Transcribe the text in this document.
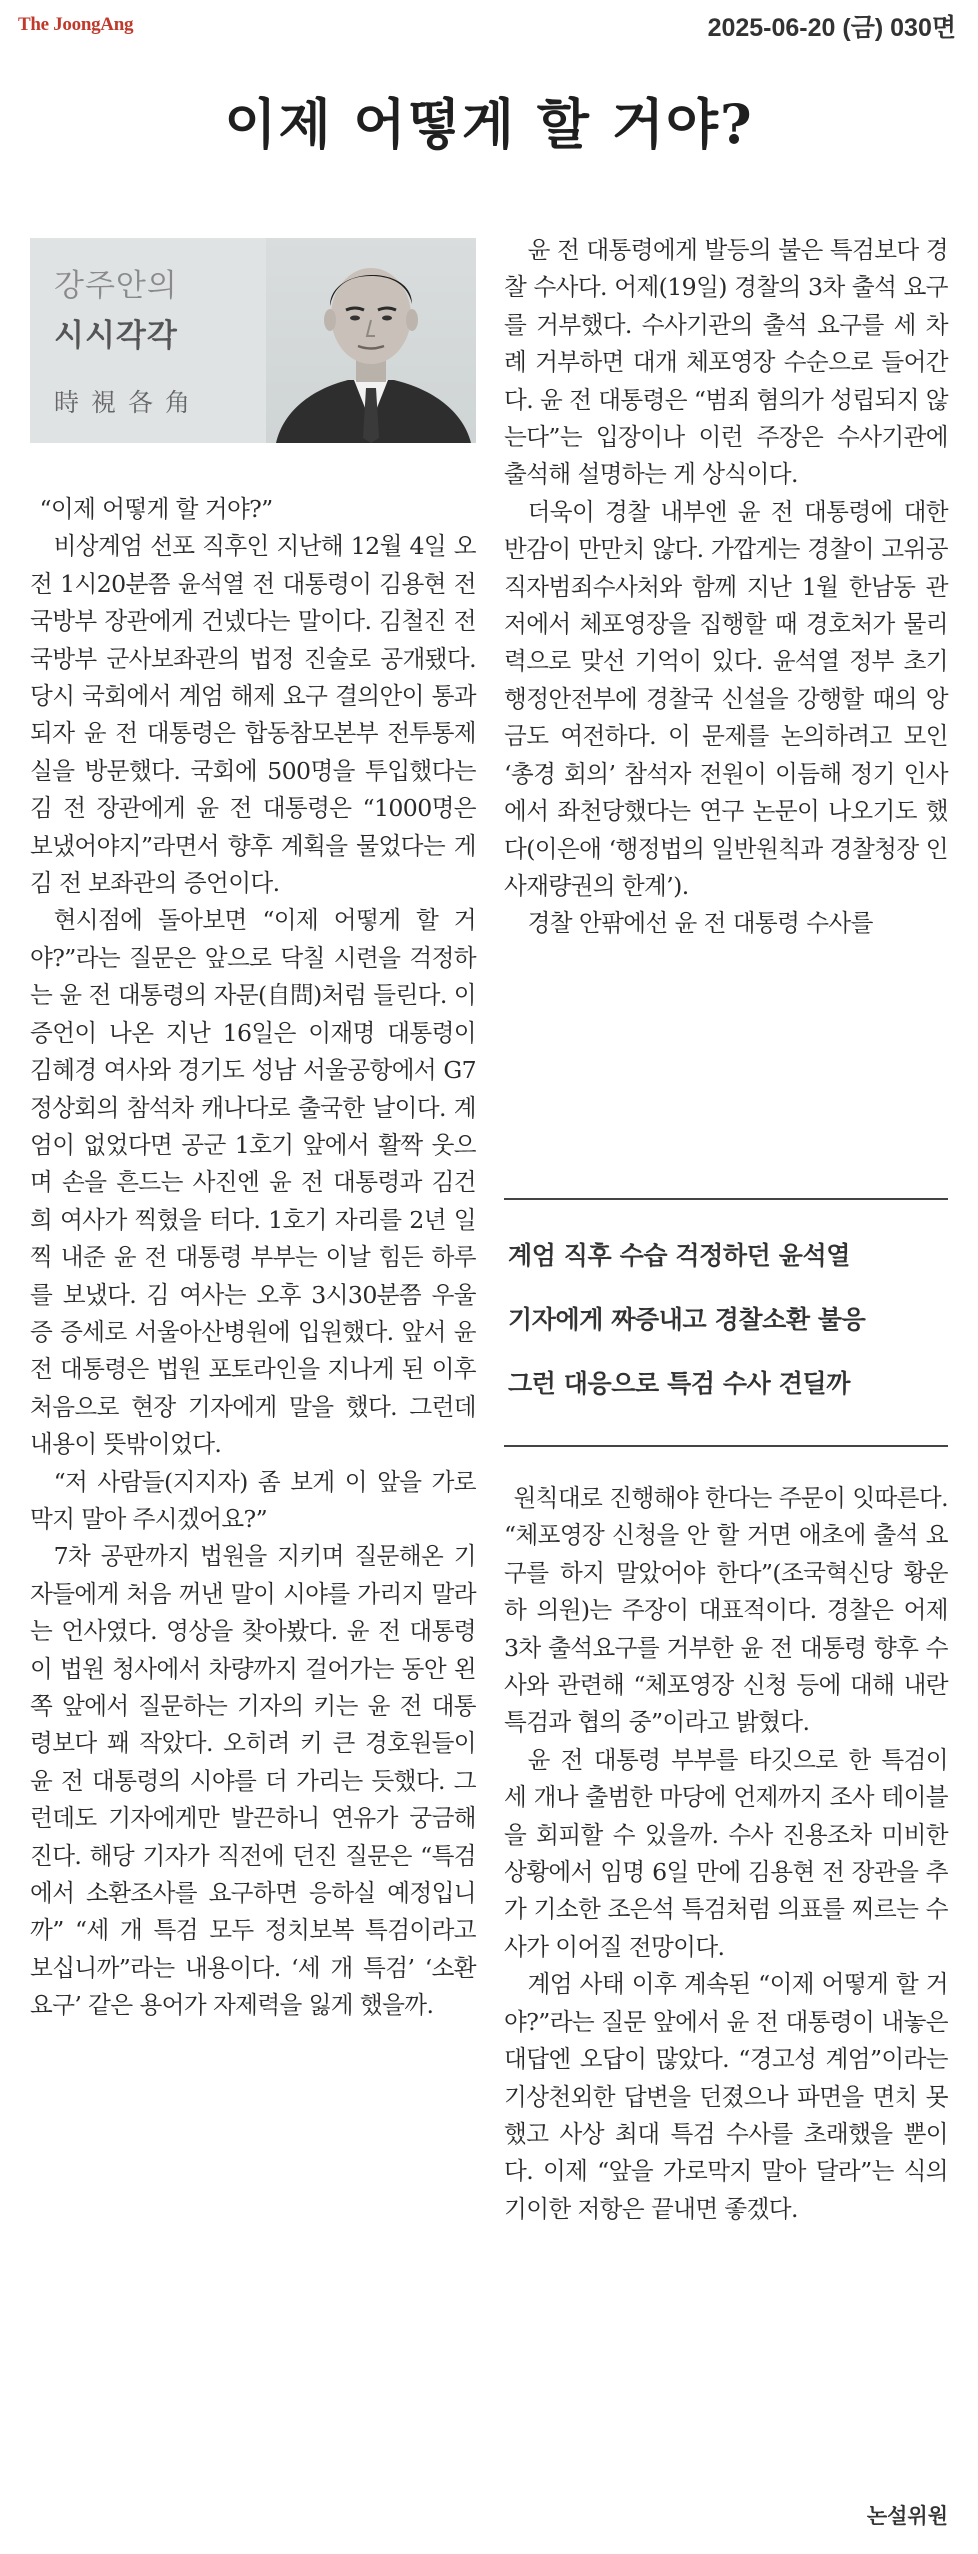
The JoongAng	2025-06-20 (금) 030면
이제 어떻게 할 거야?
강주안의
시시각각
時視各角

“이제 어떻게 할 거야?”

비상계엄 선포 직후인 지난해 12월 4일 오전 1시20분쯤 윤석열 전 대통령이 김용현 전 국방부 장관에게 건넸다는 말이다. 김철진 전 국방부 군사보좌관의 법정 진술로 공개됐다. 당시 국회에서 계엄 해제 요구 결의안이 통과되자 윤 전 대통령은 합동참모본부 전투통제실을 방문했다. 국회에 500명을 투입했다는 김 전 장관에게 윤 전 대통령은 “1000명은 보냈어야지”라면서 향후 계획을 물었다는 게 김 전 보좌관의 증언이다.

현시점에 돌아보면 “이제 어떻게 할 거야?”라는 질문은 앞으로 닥칠 시련을 걱정하는 윤 전 대통령의 자문(自問)처럼 들린다. 이 증언이 나온 지난 16일은 이재명 대통령이 김혜경 여사와 경기도 성남 서울공항에서 G7 정상회의 참석차 캐나다로 출국한 날이다. 계엄이 없었다면 공군 1호기 앞에서 활짝 웃으며 손을 흔드는 사진엔 윤 전 대통령과 김건희 여사가 찍혔을 터다. 1호기 자리를 2년 일찍 내준 윤 전 대통령 부부는 이날 힘든 하루를 보냈다. 김 여사는 오후 3시30분쯤 우울증 증세로 서울아산병원에 입원했다. 앞서 윤 전 대통령은 법원 포토라인을 지나게 된 이후 처음으로 현장 기자에게 말을 했다. 그런데 내용이 뜻밖이었다.

“저 사람들(지지자) 좀 보게 이 앞을 가로막지 말아 주시겠어요?”

7차 공판까지 법원을 지키며 질문해온 기자들에게 처음 꺼낸 말이 시야를 가리지 말라는 언사였다. 영상을 찾아봤다. 윤 전 대통령이 법원 청사에서 차량까지 걸어가는 동안 왼쪽 앞에서 질문하는 기자의 키는 윤 전 대통령보다 꽤 작았다. 오히려 키 큰 경호원들이 윤 전 대통령의 시야를 더 가리는 듯했다. 그런데도 기자에게만 발끈하니 연유가 궁금해진다. 해당 기자가 직전에 던진 질문은 “특검에서 소환조사를 요구하면 응하실 예정입니까” “세 개 특검 모두 정치보복 특검이라고 보십니까”라는 내용이다. ‘세 개 특검’ ‘소환 요구’ 같은 용어가 자제력을 잃게 했을까.

윤 전 대통령에게 발등의 불은 특검보다 경찰 수사다. 어제(19일) 경찰의 3차 출석 요구를 거부했다. 수사기관의 출석 요구를 세 차례 거부하면 대개 체포영장 수순으로 들어간다. 윤 전 대통령은 “범죄 혐의가 성립되지 않는다”는 입장이나 이런 주장은 수사기관에 출석해 설명하는 게 상식이다.

더욱이 경찰 내부엔 윤 전 대통령에 대한 반감이 만만치 않다. 가깝게는 경찰이 고위공직자범죄수사처와 함께 지난 1월 한남동 관저에서 체포영장을 집행할 때 경호처가 물리력으로 맞선 기억이 있다. 윤석열 정부 초기 행정안전부에 경찰국 신설을 강행할 때의 앙금도 여전하다. 이 문제를 논의하려고 모인 ‘총경 회의’ 참석자 전원이 이듬해 정기 인사에서 좌천당했다는 연구 논문이 나오기도 했다(이은애 ‘행정법의 일반원칙과 경찰청장 인사재량권의 한계’).

경찰 안팎에선 윤 전 대통령 수사를

계엄 직후 수습 걱정하던 윤석열

기자에게 짜증내고 경찰소환 불응

그런 대응으로 특검 수사 견딜까

원칙대로 진행해야 한다는 주문이 잇따른다. “체포영장 신청을 안 할 거면 애초에 출석 요구를 하지 말았어야 한다”(조국혁신당 황운하 의원)는 주장이 대표적이다. 경찰은 어제 3차 출석요구를 거부한 윤 전 대통령 향후 수사와 관련해 “체포영장 신청 등에 대해 내란 특검과 협의 중”이라고 밝혔다.

윤 전 대통령 부부를 타깃으로 한 특검이 세 개나 출범한 마당에 언제까지 조사 테이블을 회피할 수 있을까. 수사 진용조차 미비한 상황에서 임명 6일 만에 김용현 전 장관을 추가 기소한 조은석 특검처럼 의표를 찌르는 수사가 이어질 전망이다.

계엄 사태 이후 계속된 “이제 어떻게 할 거야?”라는 질문 앞에서 윤 전 대통령이 내놓은 대답엔 오답이 많았다. “경고성 계엄”이라는 기상천외한 답변을 던졌으나 파면을 면치 못했고 사상 최대 특검 수사를 초래했을 뿐이다. 이제 “앞을 가로막지 말아 달라”는 식의 기이한 저항은 끝내면 좋겠다.

논설위원
